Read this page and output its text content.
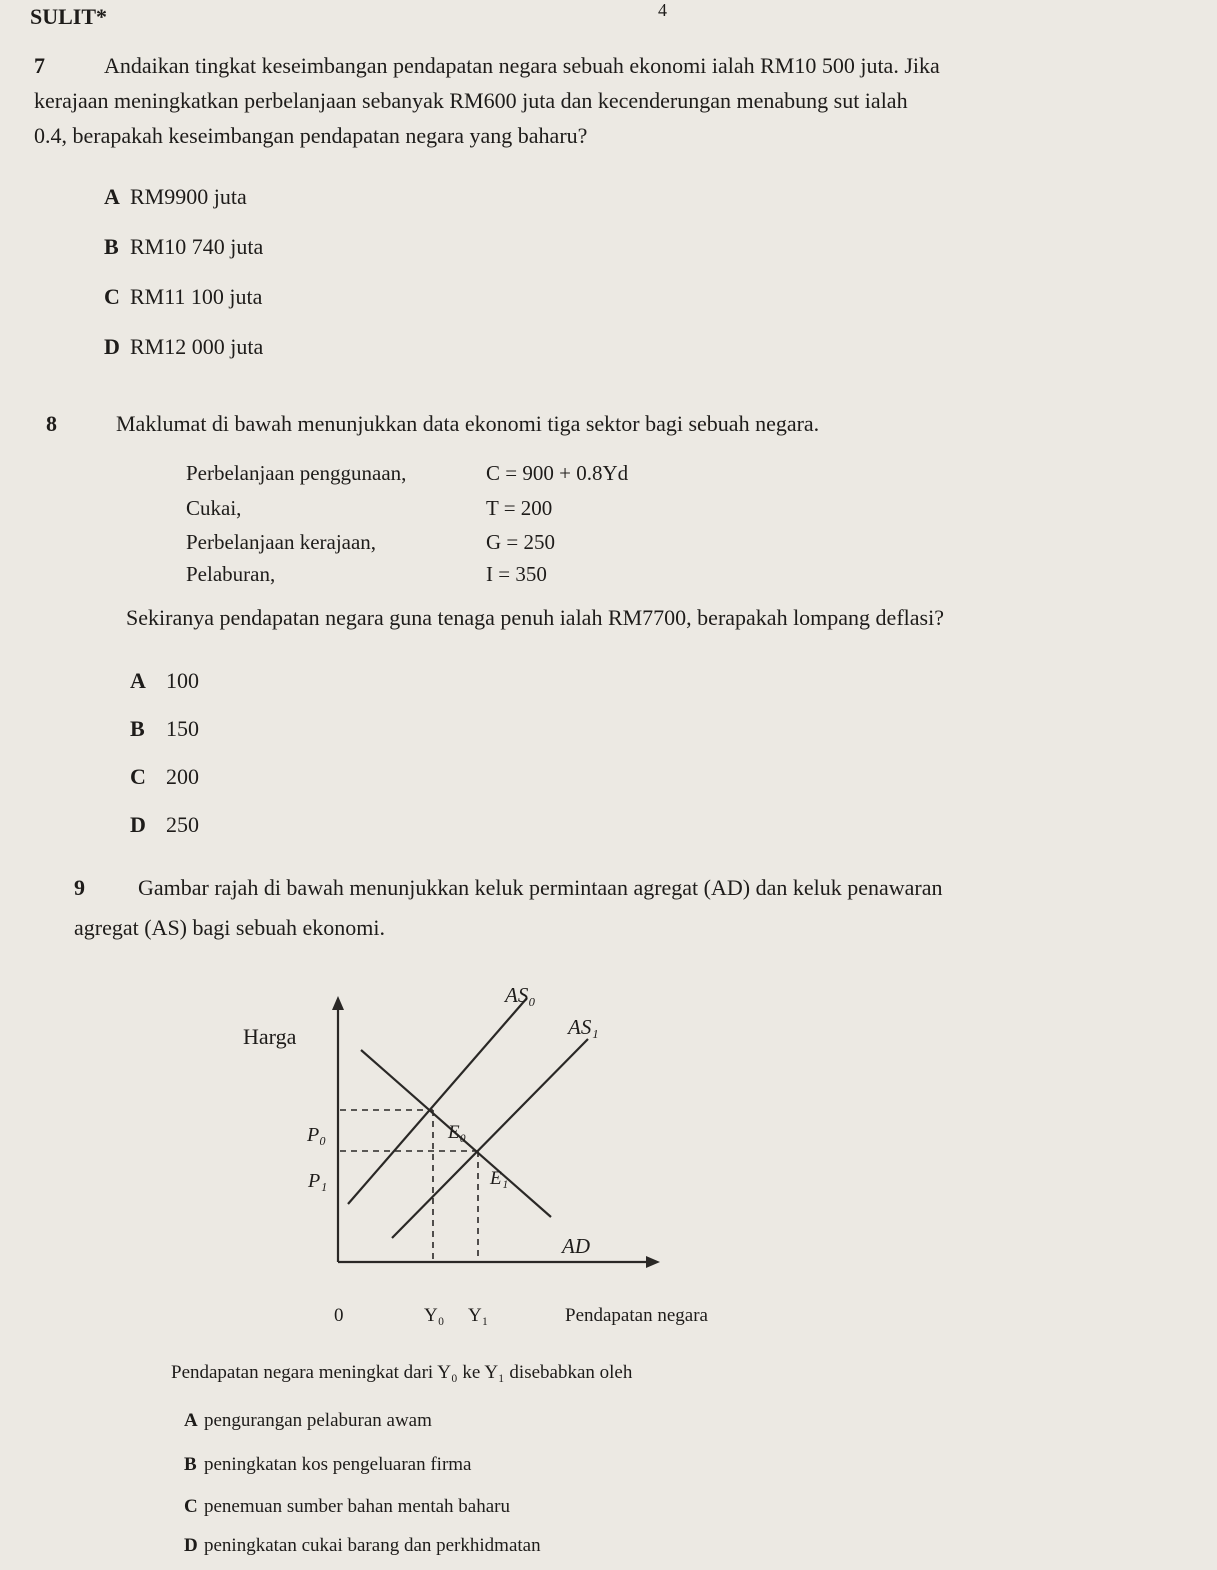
SULIT*	4
7	Andaikan tingkat keseimbangan pendapatan negara sebuah ekonomi ialah RM10 500 juta. Jika
kerajaan meningkatkan perbelanjaan sebanyak RM600 juta dan kecenderungan menabung sut ialah
0.4, berapakah keseimbangan pendapatan negara yang baharu?
A RM9900 juta
B RM10 740 juta
C RM11 100 juta
D RM12 000 juta
8	Maklumat di bawah menunjukkan data ekonomi tiga sektor bagi sebuah negara.
Perbelanjaan penggunaan,	C = 900 + 0.8Yd
Cukai,	T = 200
Perbelanjaan kerajaan,	G = 250
Pelaburan,	I = 350
Sekiranya pendapatan negara guna tenaga penuh ialah RM7700, berapakah lompang deflasi?
A 100
B 150
C 200
D 250
9 Gambar rajah di bawah menunjukkan keluk permintaan agregat (AD) dan keluk penawaran
agregat (AS) bagi sebuah ekonomi.
Harga
AS₀
AS₁
AD
P₀
P₁
E₀
E₁
0	Y₀ Y₁	Pendapatan negara
Pendapatan negara meningkat dari Y₀ ke Y₁ disebabkan oleh
A pengurangan pelaburan awam
B peningkatan kos pengeluaran firma
C penemuan sumber bahan mentah baharu
D peningkatan cukai barang dan perkhidmatan
